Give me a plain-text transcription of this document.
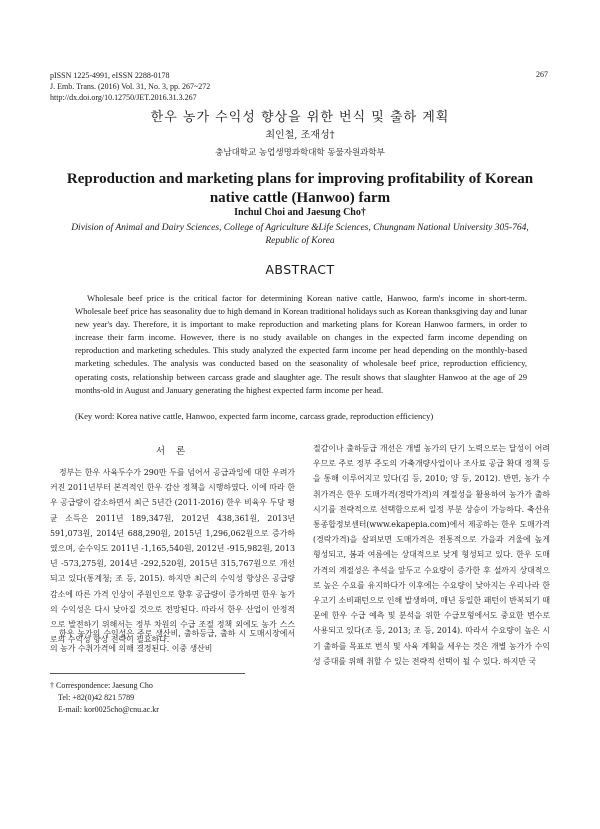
pISSN 1225-4991, eISSN 2288-0178
J. Emb. Trans. (2016) Vol. 31, No. 3, pp. 267~272
http://dx.doi.org/10.12750/JET.2016.31.3.267
267
한우 농가 수익성 향상을 위한 번식 및 출하 계획
최인철, 조재성†
충남대학교 농업생명과학대학 동물자원과학부
Reproduction and marketing plans for improving profitability of Korean native cattle (Hanwoo) farm
Inchul Choi and Jaesung Cho†
Division of Animal and Dairy Sciences, College of Agriculture &Life Sciences, Chungnam National University 305-764, Republic of Korea
ABSTRACT
Wholesale beef price is the critical factor for determining Korean native cattle, Hanwoo, farm's income in short-term. Wholesale beef price has seasonality due to high demand in Korean traditional holidays such as Korean thanksgiving day and lunar new year's day. Therefore, it is important to make reproduction and marketing plans for Korean Hanwoo farmers, in order to increase their farm income. However, there is no study available on changes in the expected farm income depending on reproduction and marketing schedules. This study analyzed the expected farm income per head depending on the monthly-based marketing schedules. The analysis was conducted based on the seasonality of wholesale beef price, reproduction efficiency, operating costs, relationship between carcass grade and slaughter age. The result shows that slaughter Hanwoo at the age of 29 months-old in August and January generating the highest expected farm income per head.
(Key word: Korea native cattle, Hanwoo, expected farm income, carcass grade, reproduction efficiency)
서 론

정부는 한우 사육두수가 290만 두를 넘어서 공급과잉에 대한 우려가 커진 2011년부터 본격적인 한우 감산 정책을 시행하였다. 이에 따라 한우 공급량이 감소하면서 최근 5년간 (2011-2016) 한우 비육우 두당 평균 소득은 2011년 189,347원, 2012년 438,361원, 2013년 591,073원, 2014년 688,290원, 2015년 1,296,062원으로 증가하였으며, 순수익도 2011년 -1,165,540원, 2012년 -915,982원, 2013년 -573,275원, 2014년 -292,520원, 2015년 315,767원으로 개선되고 있다(통계청; 조 등, 2015). 하지만 최근의 수익성 향상은 공급량 감소에 따른 가격 인상이 주원인으로 향후 공급량이 증가하면 한우 농가의 수익성은 다시 낮아질 것으로 전망된다. 따라서 한우 산업이 안정적으로 발전하기 위해서는 정부 차원의 수급 조절 정책 외에도 농가 스스로의 수익성 향상 전략이 필요하다.

한우 농가의 수익성은 주로 생산비, 출하등급, 출하 시 도매시장에서의 농가 수취가격에 의해 결정된다. 이중 생산비

절감이나 출하등급 개선은 개별 농가의 단기 노력으로는 달성이 어려우므로 주로 정부 주도의 가축개량사업이나 조사료 공급 확대 정책 등을 통해 이루어지고 있다(김 등, 2010; 양 등, 2012). 반면, 농가 수취가격은 한우 도매가격(경락가격)의 계절성을 활용하여 농가가 출하 시기를 전략적으로 선택함으로써 일정 부분 상승이 가능하다. 축산유통종합정보센터(www.ekapepia.com)에서 제공하는 한우 도매가격(경락가격)을 살펴보면 도매가격은 전통적으로 가을과 겨울에 높게 형성되고, 봄과 여름에는 상대적으로 낮게 형성되고 있다. 한우 도매가격의 계절성은 추석을 앞두고 수요량이 증가한 후 설까지 상대적으로 높은 수요를 유지하다가 이후에는 수요량이 낮아지는 우리나라 한우고기 소비패턴으로 인해 발생하며, 매년 동일한 패턴이 반복되기 때문에 한우 수급 예측 및 분석을 위한 수급모형에서도 중요한 변수로 사용되고 있다(조 등, 2013; 조 등, 2014). 따라서 수요량이 높은 시기 출하를 목표로 번식 및 사육 계획을 세우는 것은 개별 농가가 수익성 증대를 위해 취할 수 있는 전략적 선택이 될 수 있다. 하지만 국

† Correspondence: Jaesung Cho
Tel: +82(0)42 821 5789
E-mail: kor0025cho@cnu.ac.kr
